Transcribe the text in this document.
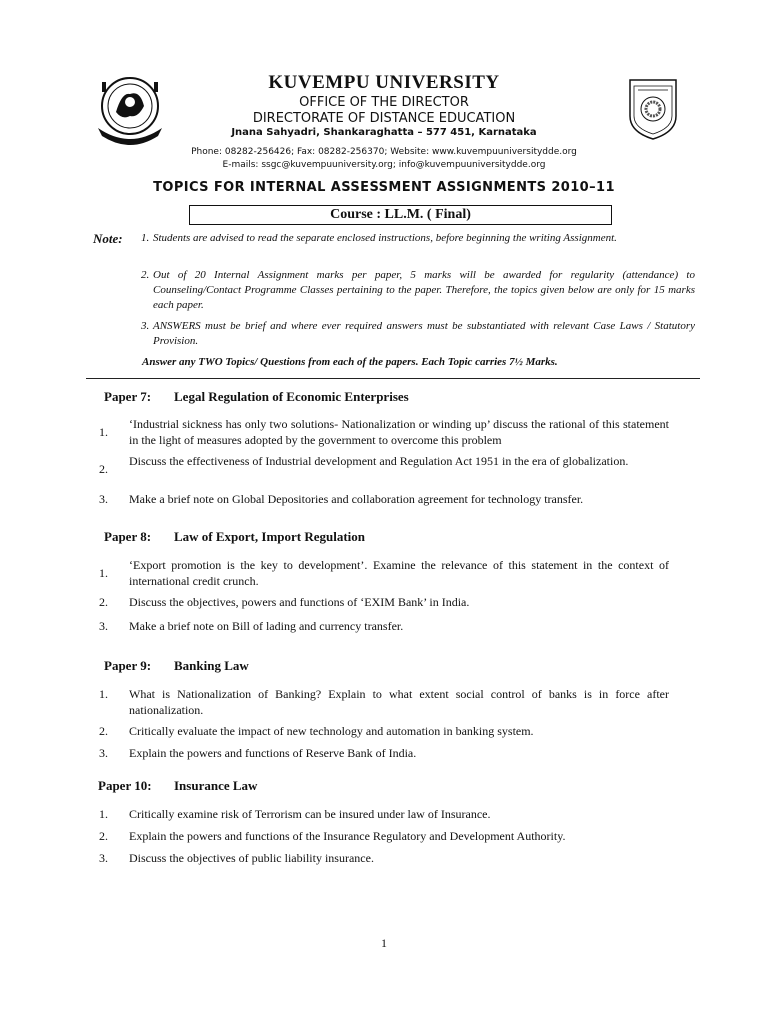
KUVEMPU UNIVERSITY
OFFICE OF THE DIRECTOR
DIRECTORATE OF DISTANCE EDUCATION
Jnana Sahyadri, Shankaraghatta – 577 451, Karnataka
Phone: 08282-256426; Fax: 08282-256370; Website: www.kuvempuuniversitydde.org
E-mails: ssgc@kuvempuuniversity.org; info@kuvempuuniversitydde.org
TOPICS FOR INTERNAL ASSESSMENT ASSIGNMENTS 2010–11
Course : LL.M. ( Final)
Note: 1. Students are advised to read the separate enclosed instructions, before beginning the writing Assignment.
2. Out of 20 Internal Assignment marks per paper, 5 marks will be awarded for regularity (attendance) to Counseling/Contact Programme Classes pertaining to the paper. Therefore, the topics given below are only for 15 marks each paper.
3. ANSWERS must be brief and where ever required answers must be substantiated with relevant Case Laws / Statutory Provision.
Answer any TWO Topics/ Questions from each of the papers. Each Topic carries 7½ Marks.
Paper 7: Legal Regulation of Economic Enterprises
1.
‘Industrial sickness has only two solutions- Nationalization or winding up’ discuss the rational of this statement in the light of measures adopted by the government to overcome this problem
2.
Discuss the effectiveness of Industrial development and Regulation Act 1951 in the era of globalization.
3. Make a brief note on Global Depositories and collaboration agreement for technology transfer.
Paper 8: Law of Export, Import Regulation
1.
‘Export promotion is the key to development’. Examine the relevance of this statement in the context of international credit crunch.
2. Discuss the objectives, powers and functions of ‘EXIM Bank’ in India.
3. Make a brief note on Bill of lading and currency transfer.
Paper 9: Banking Law
1. What is Nationalization of Banking? Explain to what extent social control of banks is in force after nationalization.
2. Critically evaluate the impact of new technology and automation in banking system.
3. Explain the powers and functions of Reserve Bank of India.
Paper 10: Insurance Law
1. Critically examine risk of Terrorism can be insured under law of Insurance.
2. Explain the powers and functions of the Insurance Regulatory and Development Authority.
3. Discuss the objectives of public liability insurance.
1
